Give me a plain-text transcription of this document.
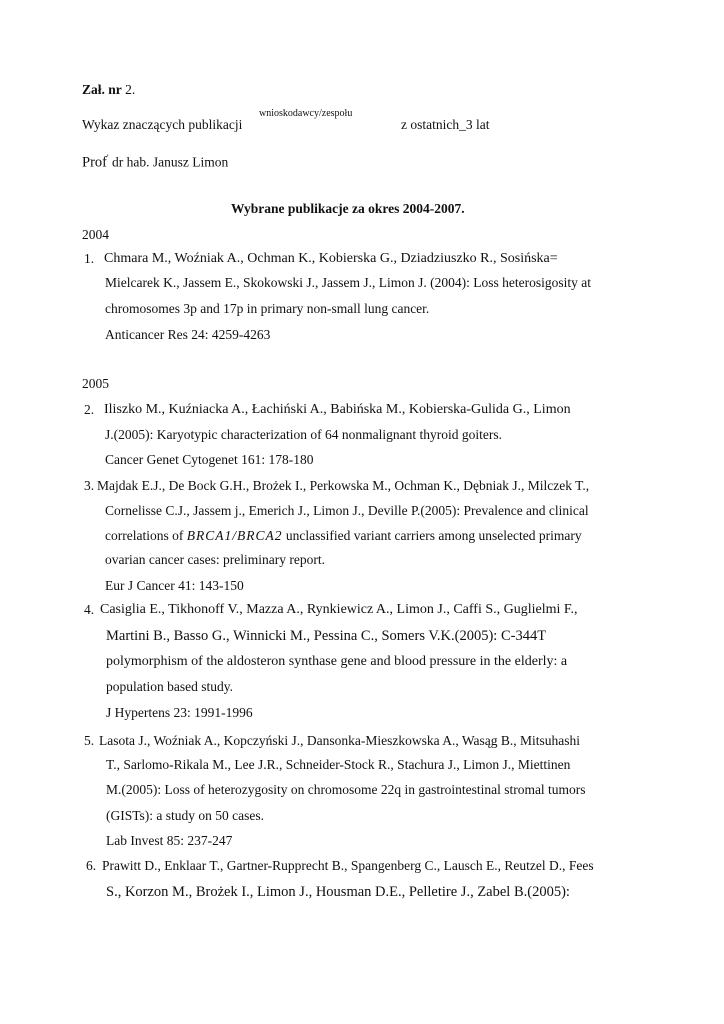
Zał. nr 2.
Wykaz znaczących publikacji
wnioskodawcy/zespołu
z ostatnich_3 lat
Prof' dr hab. Janusz Limon
Wybrane publikacje za okres 2004-2007.
2004
1. Chmara M., Woźniak A., Ochman K., Kobierska G., Dziadziuszko R., Sosińska=
Mielcarek K., Jassem E., Skokowski J., Jassem J., Limon J. (2004): Loss heterosigosity at
chromosomes 3p and 17p in primary non-small lung cancer.
Anticancer Res 24: 4259-4263
2005
2. Iliszko M., Kuźniacka A., Łachiński A., Babińska M., Kobierska-Gulida G., Limon
J.(2005): Karyotypic characterization of 64 nonmalignant thyroid goiters.
Cancer Genet Cytogenet 161: 178-180
3. Majdak E.J., De Bock G.H., Brożek I., Perkowska M., Ochman K., Dębniak J., Milczek T.,
Cornelisse C.J., Jassem j., Emerich J., Limon J., Deville P.(2005): Prevalence and clinical
correlations of BRCA1/BRCA2 unclassified variant carriers among unselected primary
ovarian cancer cases: preliminary report.
Eur J Cancer 41: 143-150
4. Casiglia E., Tikhonoff V., Mazza A., Rynkiewicz A., Limon J., Caffi S., Guglielmi F.,
Martini B., Basso G., Winnicki M., Pessina C., Somers V.K.(2005): C-344T
polymorphism of the aldosteron synthase gene and blood pressure in the elderly: a
population based study.
J Hypertens 23: 1991-1996
5. Lasota J., Woźniak A., Kopczyński J., Dansonka-Mieszkowska A., Wasąg B., Mitsuhashi
T., Sarlomo-Rikala M., Lee J.R., Schneider-Stock R., Stachura J., Limon J., Miettinen
M.(2005): Loss of heterozygosity on chromosome 22q in gastrointestinal stromal tumors
(GISTs): a study on 50 cases.
Lab Invest 85: 237-247
6. Prawitt D., Enklaar T., Gartner-Rupprecht B., Spangenberg C., Lausch E., Reutzel D., Fees
S., Korzon M., Brożek I., Limon J., Housman D.E., Pelletire J., Zabel B.(2005):
